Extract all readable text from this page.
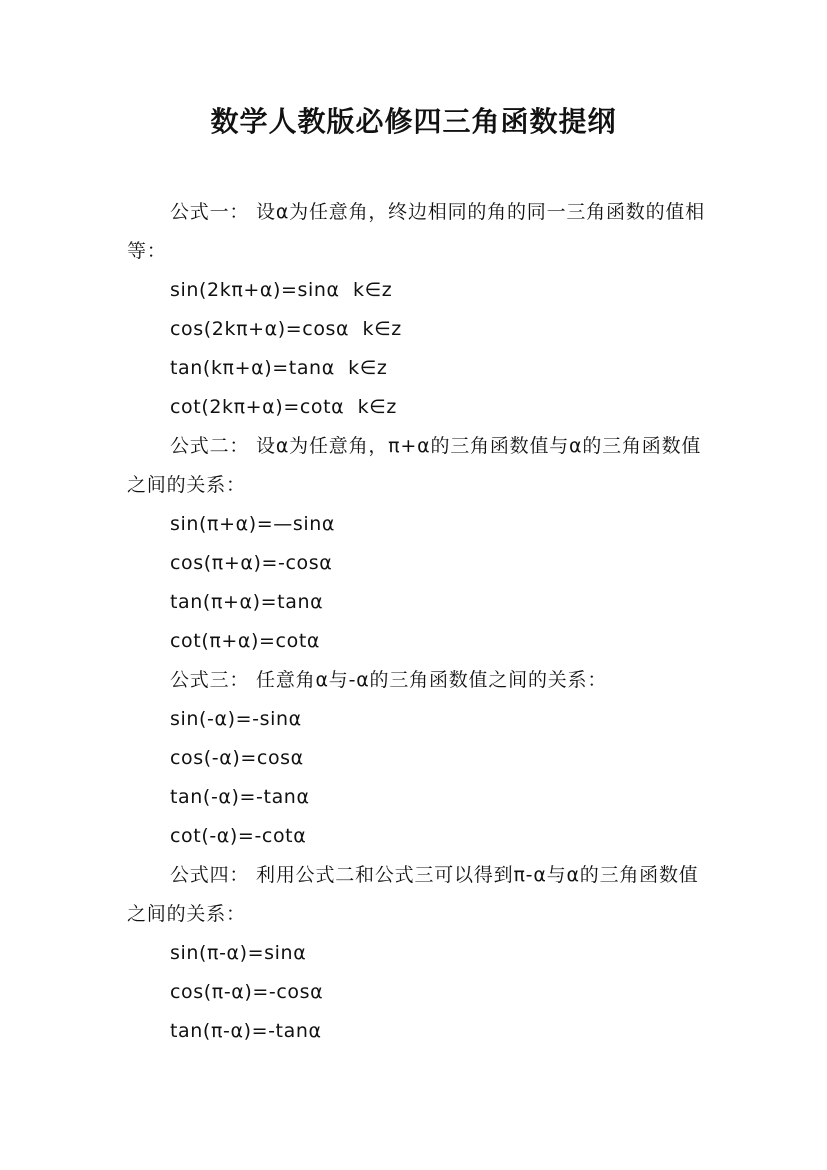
数学人教版必修四三角函数提纲

公式一： 设α为任意角，终边相同的角的同一三角函数的值相等：

sin(2kπ+α)=sinα  k∈z

cos(2kπ+α)=cosα  k∈z

tan(kπ+α)=tanα  k∈z

cot(2kπ+α)=cotα  k∈z

公式二： 设α为任意角，π+α的三角函数值与α的三角函数值之间的关系：

sin(π+α)=—sinα

cos(π+α)=-cosα

tan(π+α)=tanα

cot(π+α)=cotα

公式三： 任意角α与-α的三角函数值之间的关系：

sin(-α)=-sinα

cos(-α)=cosα

tan(-α)=-tanα

cot(-α)=-cotα

公式四： 利用公式二和公式三可以得到π-α与α的三角函数值之间的关系：

sin(π-α)=sinα

cos(π-α)=-cosα

tan(π-α)=-tanα
